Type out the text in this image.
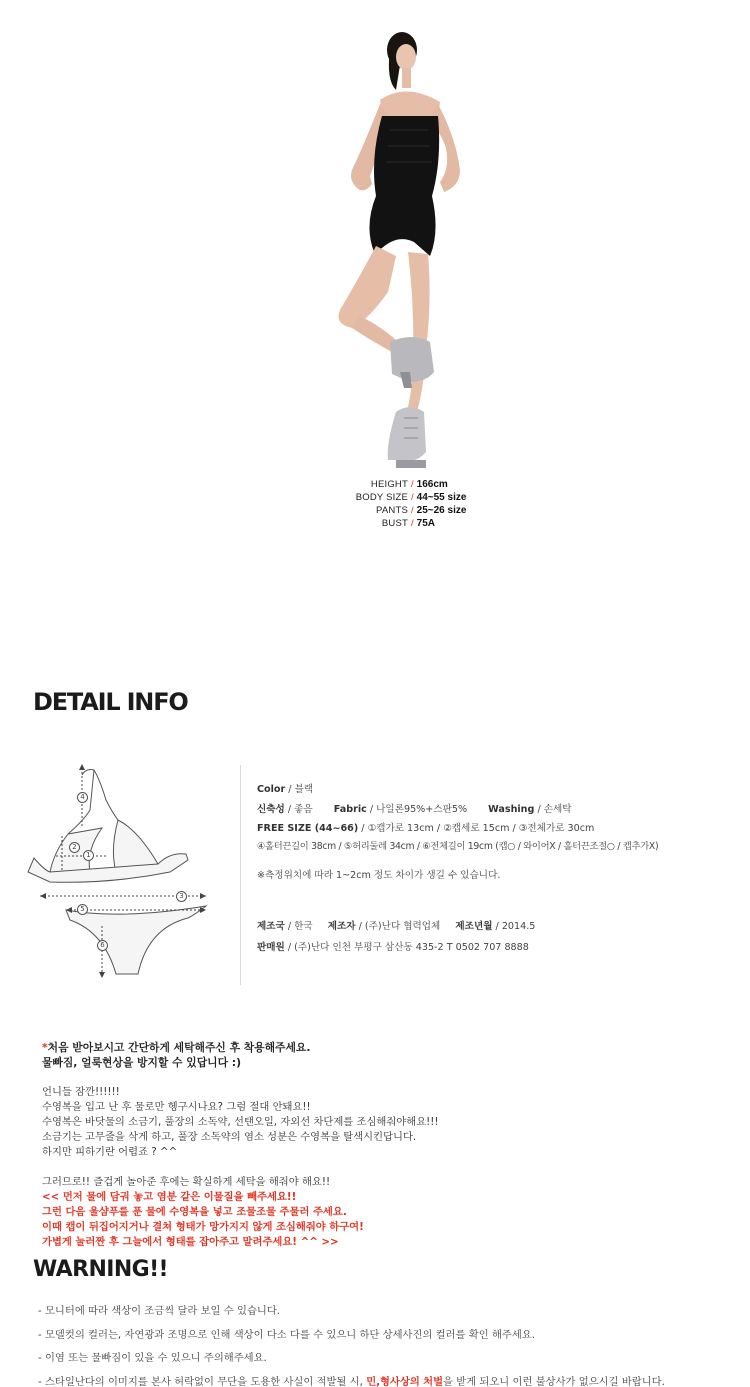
HEIGHT / 166cm
BODY SIZE / 44~55 size
PANTS / 25~26 size
BUST / 75A
DETAIL INFO
1
2
3
4
5
6
Color / 블랙
신축성 / 좋음 Fabric / 나일론95%+스판5% Washing / 손세탁
FREE SIZE (44~66) / ①캡가로 13cm / ②캡세로 15cm / ③전체가로 30cm
④홀터끈길이 38cm / ⑤허리둘레 34cm / ⑥전체길이 19cm (캡○ / 와이어X / 홀터끈조절○ / 캡추가X)
※측정위치에 따라 1~2cm 정도 차이가 생길 수 있습니다.
제조국 / 한국 제조자 / (주)난다 협력업체 제조년월 / 2014.5
판매원 / (주)난다 인천 부평구 삼산동 435-2 T 0502 707 8888
*처음 받아보시고 간단하게 세탁해주신 후 착용해주세요.
물빠짐, 얼룩현상을 방지할 수 있답니다 :)
언니들 잠깐!!!!!!
수영복을 입고 난 후 물로만 헹구시나요? 그럼 절대 안돼요!!
수영복은 바닷물의 소금기, 풀장의 소독약, 선탠오일, 자외선 차단제를 조심해줘야해요!!!
소금기는 고무줄을 삭게 하고, 풀장 소독약의 염소 성분은 수영복을 탈색시킨답니다.
하지만 피하기란 어렵죠 ? ^^
그러므로!! 즐겁게 놀아준 후에는 확실하게 세탁을 해줘야 해요!!
<< 먼저 물에 담궈 놓고 염분 같은 이물질을 빼주세요!!
그런 다음 울샴푸를 푼 물에 수영복을 넣고 조물조물 주물러 주세요.
이때 캡이 뒤집어지거나 결쳐 형태가 망가지지 않게 조심해줘야 하구여!
가볍게 눌러짠 후 그늘에서 형태를 잡아주고 말려주세요! ^^ >>
WARNING!!
- 모니터에 따라 색상이 조금씩 달라 보일 수 있습니다.
- 모델컷의 컬러는, 자연광과 조명으로 인해 색상이 다소 다를 수 있으니 하단 상세사진의 컬러를 확인 해주세요.
- 이염 또는 물빠짐이 있을 수 있으니 주의해주세요.
- 스타일난다의 이미지를 본사 허락없이 무단을 도용한 사실이 적발될 시, 민,형사상의 처벌을 받게 되오니 이런 불상사가 없으시길 바랍니다.
